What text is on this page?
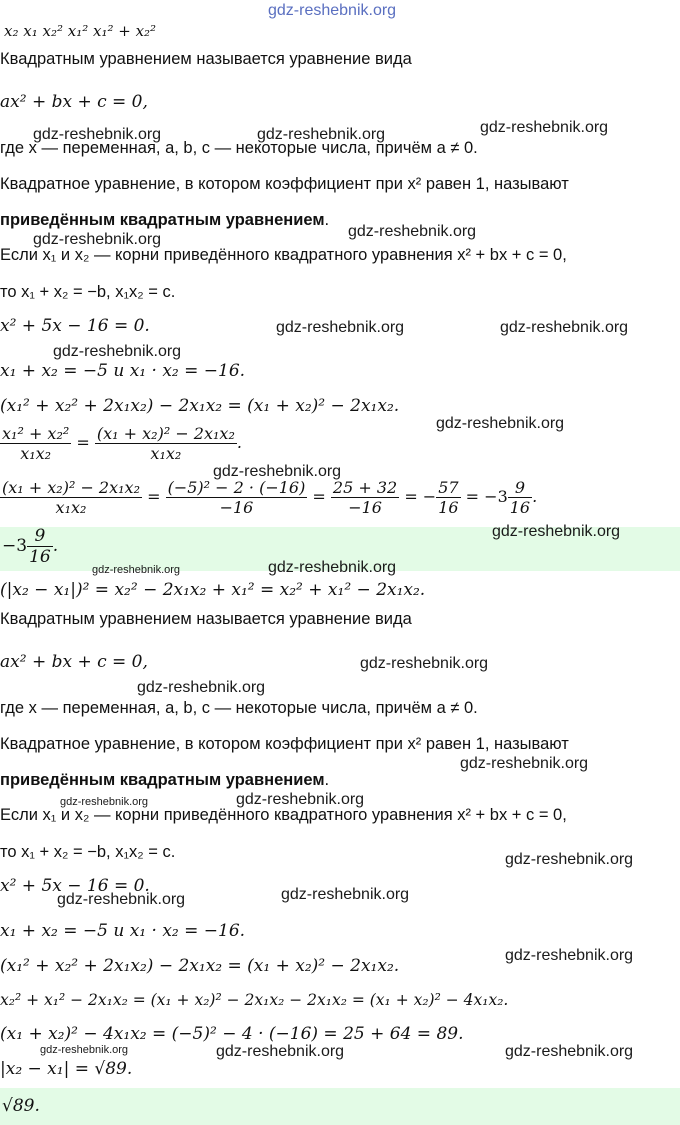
gdz-reshebnik.org
x₂ x₁ x₂² x₁² x₁² + x₂²
Квадратным уравнением называется уравнение вида
ax² + bx + c = 0,
где x — переменная, a, b, c — некоторые числа, причём a ≠ 0.
Квадратное уравнение, в котором коэффициент при x² равен 1, называют
приведённым квадратным уравнением.
Если x₁ и x₂ — корни приведённого квадратного уравнения x² + bx + c = 0,
то x₁ + x₂ = −b, x₁x₂ = c.
x² + 5x − 16 = 0.
x₁ + x₂ = −5 и x₁ · x₂ = −16.
(x₁² + x₂² + 2x₁x₂) − 2x₁x₂ = (x₁ + x₂)² − 2x₁x₂.
$\frac{\text{x₁² + x₂²}}{\text{x₁x₂}} = \frac{\text{(x₁ + x₂)² − 2x₁x₂}}{\text{x₁x₂}}$ .
$\frac{\text{(x₁ + x₂)² − 2x₁x₂}}{\text{x₁x₂}} = \frac{\text{(−5)² − 2 · (−16)}}{-16} = \frac{25 + 32}{-16}$ = − $\frac{57}{16} = -3 \frac{9}{16}$ .
$-3 \frac{9}{16}$ .
(|x₂ − x₁|)² = x₂² − 2x₁x₂ + x₁² = x₂² + x₁² − 2x₁x₂.
Квадратным уравнением называется уравнение вида
ax² + bx + c = 0,
где x — переменная, a, b, c — некоторые числа, причём a ≠ 0.
Квадратное уравнение, в котором коэффициент при x² равен 1, называют
приведённым квадратным уравнением.
Если x₁ и x₂ — корни приведённого квадратного уравнения x² + bx + c = 0,
то x₁ + x₂ = −b, x₁x₂ = c.
x² + 5x − 16 = 0.
x₁ + x₂ = −5 и x₁ · x₂ = −16.
(x₁² + x₂² + 2x₁x₂) − 2x₁x₂ = (x₁ + x₂)² − 2x₁x₂.
x₂² + x₁² − 2x₁x₂ = (x₁ + x₂)² − 2x₁x₂ − 2x₁x₂ = (x₁ + x₂)² − 4x₁x₂.
(x₁ + x₂)² − 4x₁x₂ = (−5)² − 4 · (−16) = 25 + 64 = 89.
|x₂ − x₁| = √89.
√89.
gdz-reshebnik.org	gdz-reshebnik.org	gdz-reshebnik.org
gdz-reshebnik.org	gdz-reshebnik.org
gdz-reshebnik.org	gdz-reshebnik.org
gdz-reshebnik.org
gdz-reshebnik.org
gdz-reshebnik.org
gdz-reshebnik.org
gdz-reshebnik.org	gdz-reshebnik.org
gdz-reshebnik.org
gdz-reshebnik.org
gdz-reshebnik.org
gdz-reshebnik.org	gdz-reshebnik.org
gdz-reshebnik.org
gdz-reshebnik.org	gdz-reshebnik.org
gdz-reshebnik.org
gdz-reshebnik.org	gdz-reshebnik.org	gdz-reshebnik.org
